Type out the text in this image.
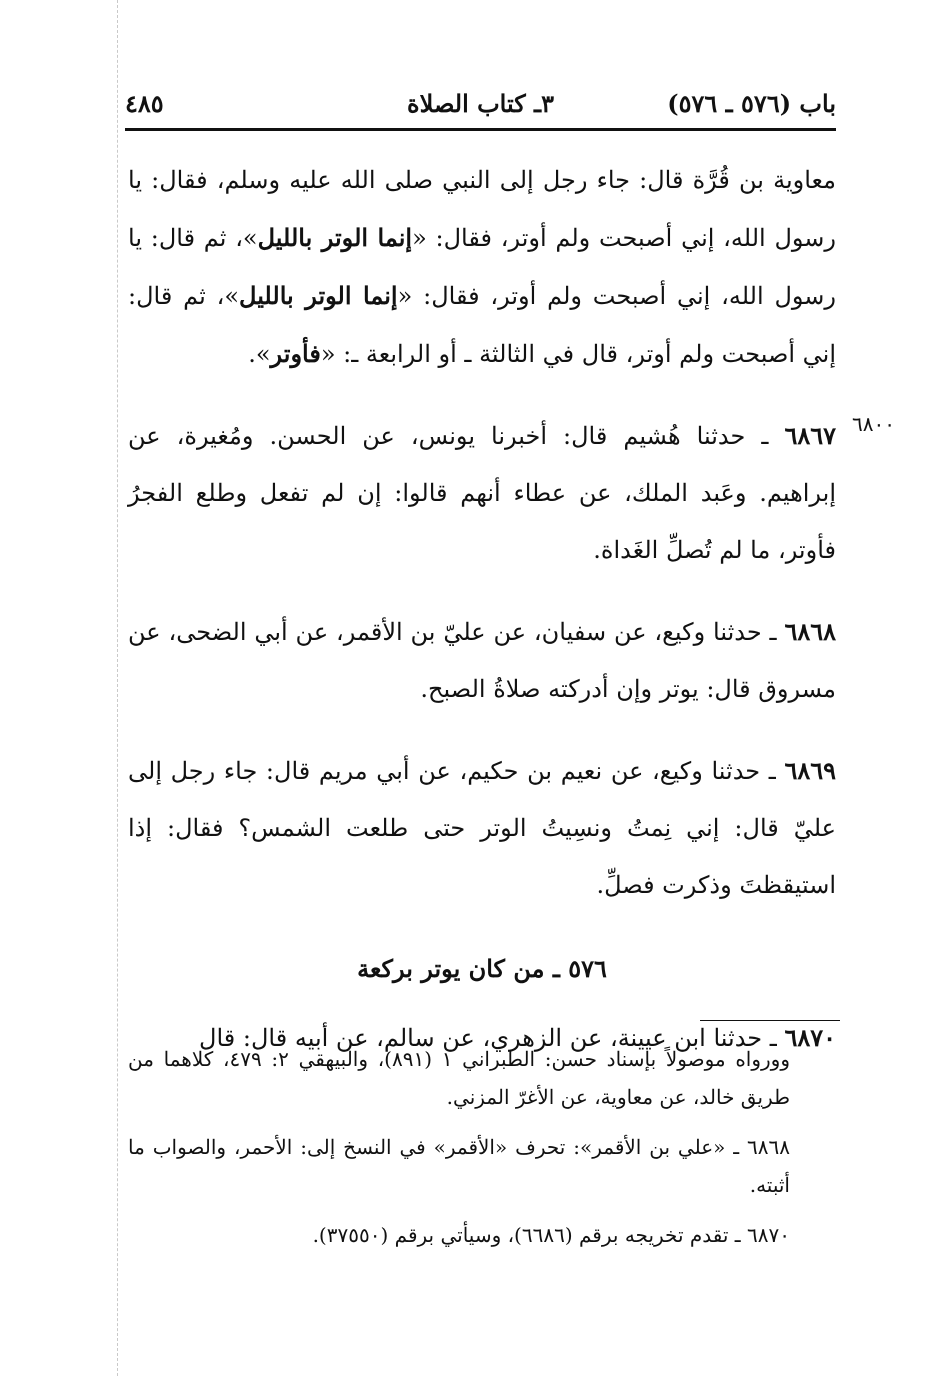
باب (٥٧٦ ـ ٥٧٦)
٣ـ كتاب الصلاة
٤٨٥
٦٨٠٠

معاوية بن قُرَّة قال: جاء رجل إلى النبي صلى الله عليه وسلم، فقال: يا رسول الله، إني أصبحت ولم أوتر، فقال: «إنما الوتر بالليل»، ثم قال: يا رسول الله، إني أصبحت ولم أوتر، فقال: «إنما الوتر بالليل»، ثم قال: إني أصبحت ولم أوتر، قال في الثالثة ـ أو الرابعة ـ: «فأوتر».

٦٨٦٧ ـ حدثنا هُشيم قال: أخبرنا يونس، عن الحسن. ومُغيرة، عن إبراهيم. وعَبد الملك، عن عطاء أنهم قالوا: إن لم تفعل وطلع الفجرُ فأوتر، ما لم تُصلِّ الغَداة.

٦٨٦٨ ـ حدثنا وكيع، عن سفيان، عن عليّ بن الأقمر، عن أبي الضحى، عن مسروق قال: يوتر وإن أدركته صلاةُ الصبح.

٦٨٦٩ ـ حدثنا وكيع، عن نعيم بن حكيم، عن أبي مريم قال: جاء رجل إلى عليّ قال: إني نِمتُ ونسِيتُ الوتر حتى طلعت الشمس؟ فقال: إذا استيقظتَ وذكرت فصلِّ.

٥٧٦ ـ من كان يوتر بركعة

٦٨٧٠ ـ حدثنا ابن عيينة، عن الزهري، عن سالم، عن أبيه قال: قال

وورواه موصولاً بإسناد حسن: الطبراني ١ (٨٩١)، والبيهقي ٢: ٤٧٩، كلاهما من طريق خالد، عن معاوية، عن الأغرّ المزني.

٦٨٦٨ ـ «علي بن الأقمر»: تحرف «الأقمر» في النسخ إلى: الأحمر، والصواب ما أثبته.

٦٨٧٠ ـ تقدم تخريجه برقم (٦٦٨٦)، وسيأتي برقم (٣٧٥٥٠).
